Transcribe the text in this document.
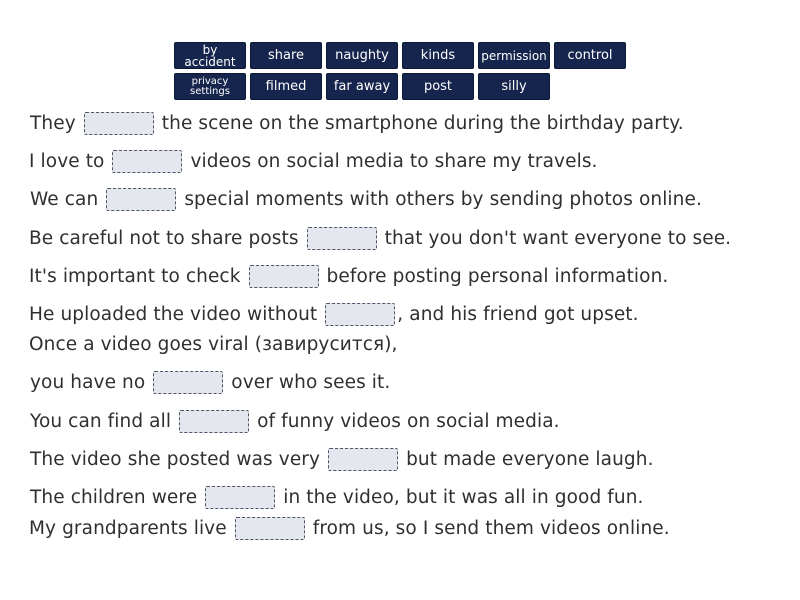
by accident	share	naughty	kinds	permission	control
privacy settings	filmed	far away	post	silly
They	the scene on the smartphone during the birthday party.
I love to	videos on social media to share my travels.
We can	special moments with others by sending photos online.
Be careful not to share posts	that you don't want everyone to see.
It's important to check	before posting personal information.
He uploaded the video without	, and his friend got upset.
Once a video goes viral (завирусится),
you have no	over who sees it.
You can find all	of funny videos on social media.
The video she posted was very	but made everyone laugh.
The children were	in the video, but it was all in good fun.
My grandparents live	from us, so I send them videos online.
